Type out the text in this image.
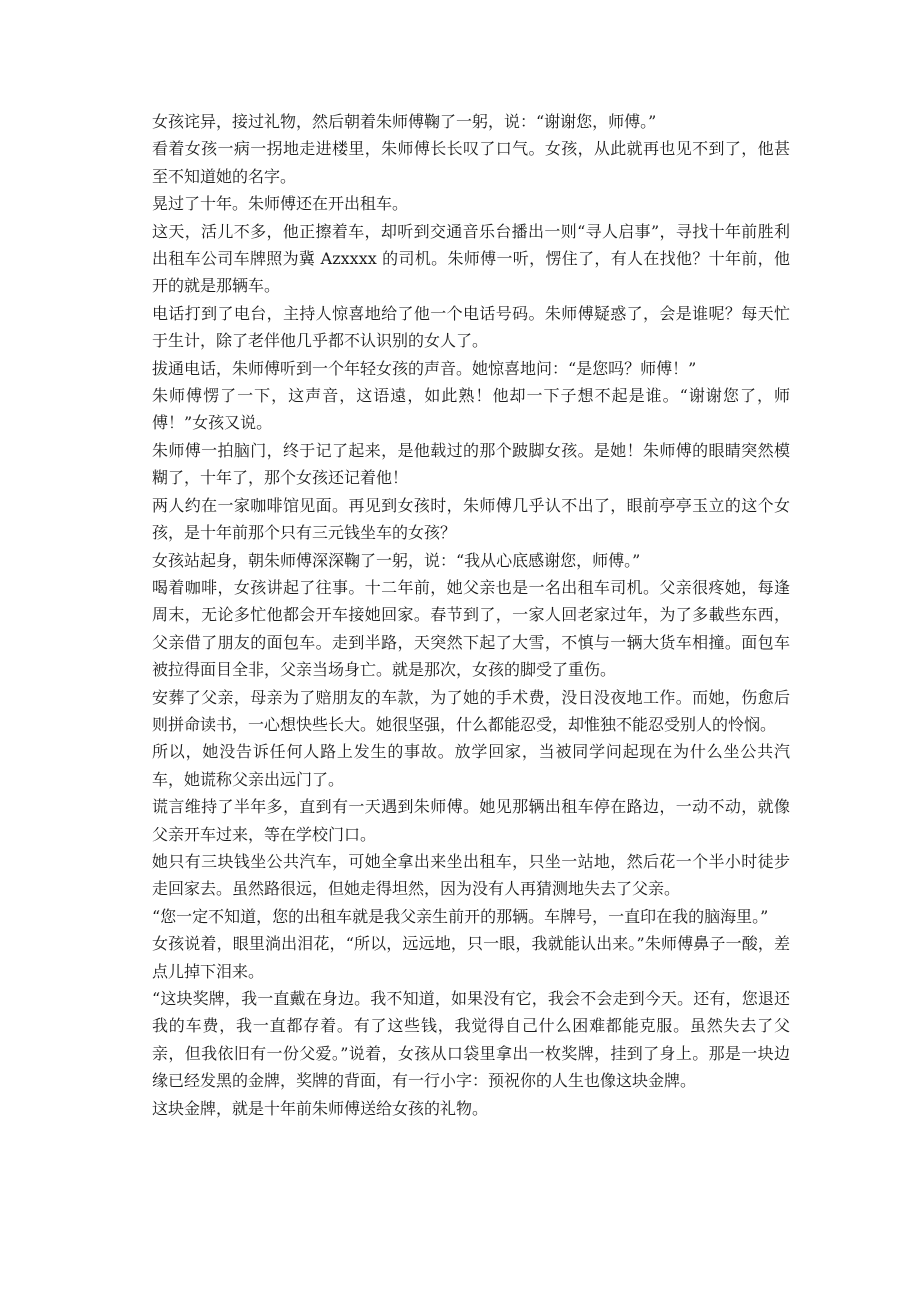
女孩诧异，接过礼物，然后朝着朱师傅鞠了一躬，说：“谢谢您，师傅。”

看着女孩一病一拐地走进楼里，朱师傅长长叹了口气。女孩，从此就再也见不到了，他甚至不知道她的名字。

晃过了十年。朱师傅还在开出租车。

这天，活儿不多，他正擦着车，却听到交通音乐台播出一则“寻人启事”，寻找十年前胜利出租车公司车牌照为冀 Azxxxx 的司机。朱师傅一听，愣住了，有人在找他？十年前，他开的就是那辆车。

电话打到了电台，主持人惊喜地给了他一个电话号码。朱师傅疑惑了，会是谁呢？每天忙于生计，除了老伴他几乎都不认识别的女人了。

拔通电话，朱师傅听到一个年轻女孩的声音。她惊喜地问：“是您吗？师傅！”

朱师傅愣了一下，这声音，这语遠，如此熟！他却一下子想不起是谁。“谢谢您了，师傅！”女孩又说。

朱师傅一拍脑门，终于记了起来，是他载过的那个跛脚女孩。是她！朱师傅的眼睛突然模糊了，十年了，那个女孩还记着他！

两人约在一家咖啡馆见面。再见到女孩时，朱师傅几乎认不出了，眼前亭亭玉立的这个女孩，是十年前那个只有三元钱坐车的女孩？

女孩站起身，朝朱师傅深深鞠了一躬，说：“我从心底感谢您，师傅。”

喝着咖啡，女孩讲起了往事。十二年前，她父亲也是一名出租车司机。父亲很疼她，每逢周末，无论多忙他都会开车接她回家。春节到了，一家人回老家过年，为了多載些东西，父亲借了朋友的面包车。走到半路，天突然下起了大雪，不慎与一辆大货车相撞。面包车被拉得面目全非，父亲当场身亡。就是那次，女孩的脚受了重伤。

安葬了父亲，母亲为了赔朋友的车款，为了她的手术费，没日没夜地工作。而她，伤愈后则拼命读书，一心想快些长大。她很坚强，什么都能忍受，却惟独不能忍受别人的怜悯。

所以，她没告诉任何人路上发生的事故。放学回家，当被同学问起现在为什么坐公共汽车，她谎称父亲出远门了。

谎言维持了半年多，直到有一天遇到朱师傅。她见那辆出租车停在路边，一动不动，就像父亲开车过来，等在学校门口。

她只有三块钱坐公共汽车，可她全拿出来坐出租车，只坐一站地，然后花一个半小时徒步走回家去。虽然路很远，但她走得坦然，因为没有人再猜测地失去了父亲。

“您一定不知道，您的出租车就是我父亲生前开的那辆。车牌号，一直印在我的脑海里。”

女孩说着，眼里淌出泪花，“所以，远远地，只一眼，我就能认出来。”朱师傅鼻子一酸，差点儿掉下泪来。

“这块奖牌，我一直戴在身边。我不知道，如果没有它，我会不会走到今天。还有，您退还我的车费，我一直都存着。有了这些钱，我觉得自己什么困难都能克服。虽然失去了父亲，但我依旧有一份父爱。”说着，女孩从口袋里拿出一枚奖牌，挂到了身上。那是一块边缘已经发黑的金牌，奖牌的背面，有一行小字：预祝你的人生也像这块金牌。

这块金牌，就是十年前朱师傅送给女孩的礼物。
